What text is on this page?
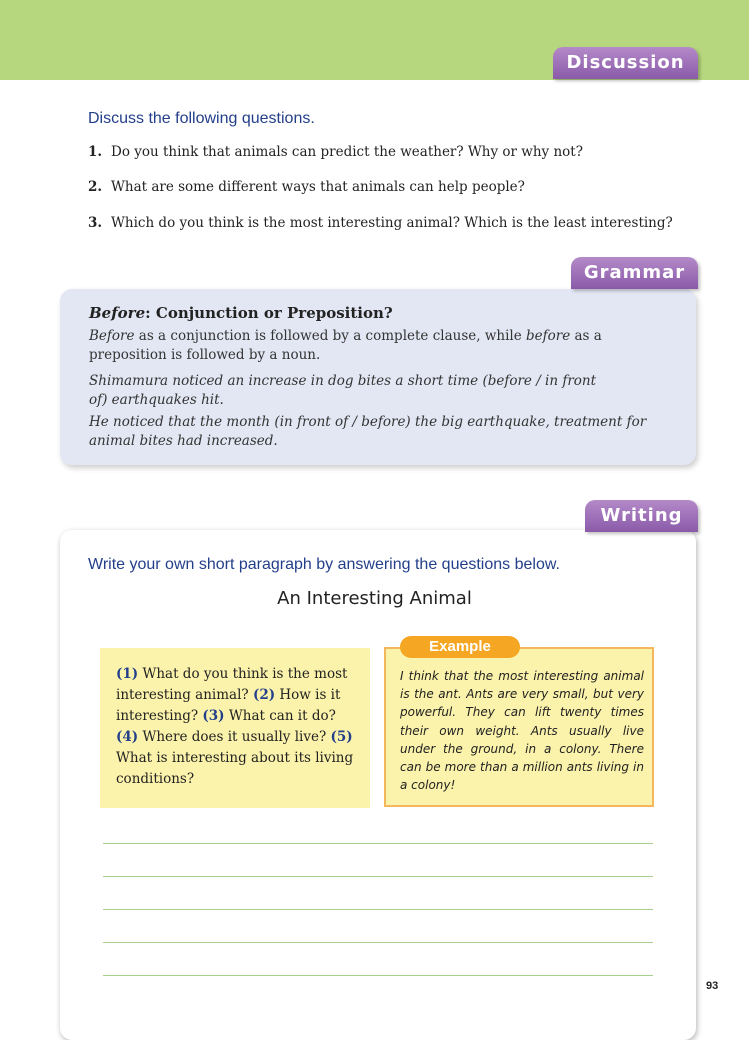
Discussion
Discuss the following questions.
1. Do you think that animals can predict the weather? Why or why not?
2. What are some different ways that animals can help people?
3. Which do you think is the most interesting animal? Which is the least interesting?
Before: Conjunction or Preposition?
Before as a conjunction is followed by a complete clause, while before as a preposition is followed by a noun.
Shimamura noticed an increase in dog bites a short time (before / in front of) earthquakes hit.
He noticed that the month (in front of / before) the big earthquake, treatment for animal bites had increased.
Grammar
Writing
Write your own short paragraph by answering the questions below.
An Interesting Animal

(1) What do you think is the most interesting animal? (2) How is it interesting? (3) What can it do? (4) Where does it usually live? (5) What is interesting about its living conditions?

I think that the most interesting animal is the ant. Ants are very small, but very powerful. They can lift twenty times their own weight. Ants usually live under the ground, in a colony. There can be more than a million ants living in a colony!
Example
93
